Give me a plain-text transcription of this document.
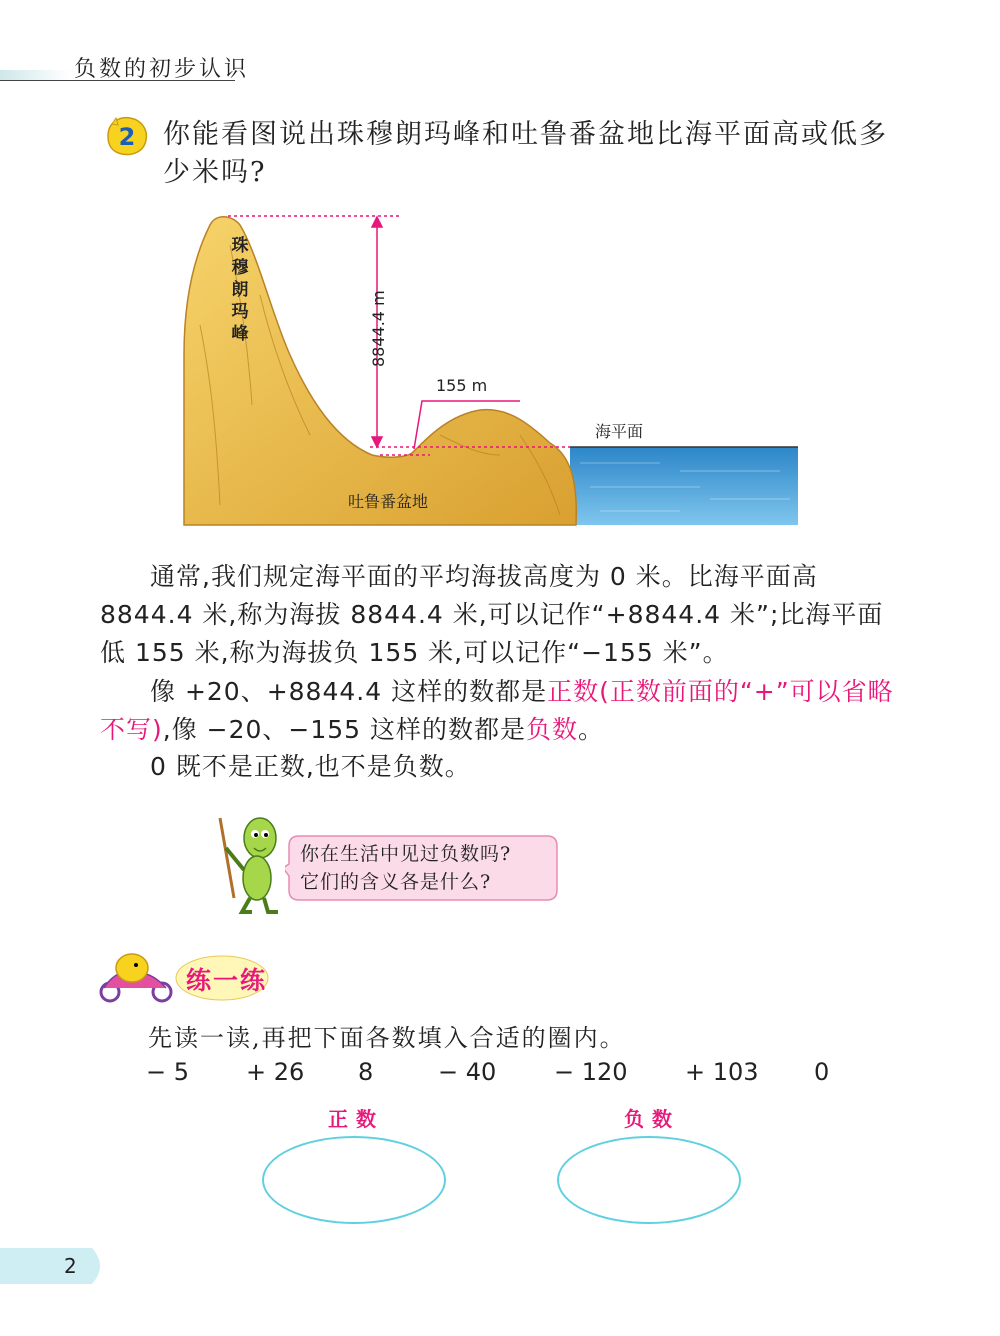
负数的初步认识
2 你能看图说出珠穆朗玛峰和吐鲁番盆地比海平面高或低多少米吗?
8844.4 m
155 m
珠
穆
朗
玛
峰
海平面
吐鲁番盆地
通常,我们规定海平面的平均海拔高度为 0 米。比海平面高 8844.4 米,称为海拔 8844.4 米,可以记作“+8844.4 米”;比海平面低 155 米,称为海拔负 155 米,可以记作“−155 米”。
像 +20、+8844.4 这样的数都是正数(正数前面的“+”可以省略不写),像 −20、−155 这样的数都是负数。
0 既不是正数,也不是负数。
你在生活中见过负数吗?
它们的含义各是什么?
练一练
先读一读,再把下面各数填入合适的圈内。
− 5 + 26 8	− 40 − 120 + 103 0
正数	负数
2
